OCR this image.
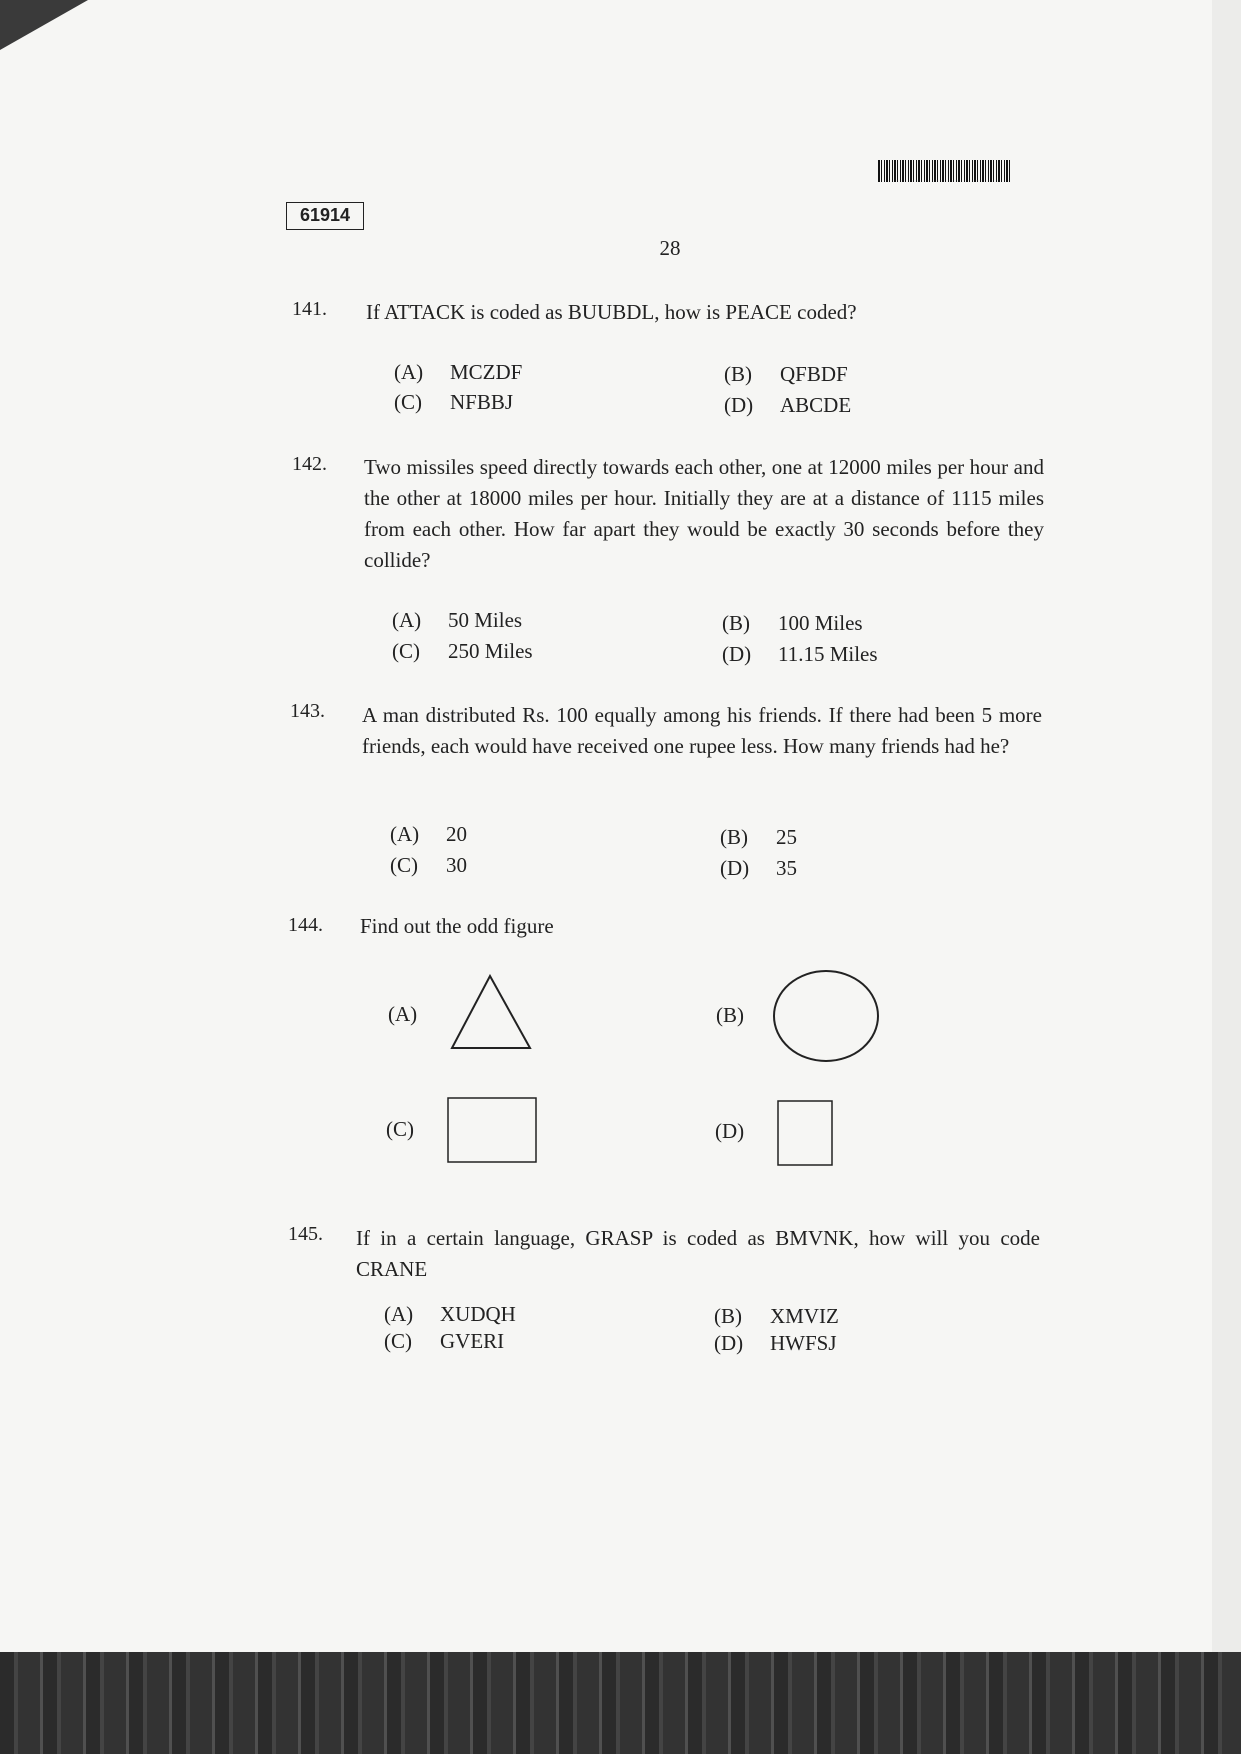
61914
28
141. If ATTACK is coded as BUUBDL, how is PEACE coded?
(A) MCZDF	(B) QFBDF
(C) NFBBJ	(D) ABCDE
142. Two missiles speed directly towards each other, one at 12000 miles per hour and the other at 18000 miles per hour. Initially they are at a distance of 1115 miles from each other. How far apart they would be exactly 30 seconds before they collide?
(A) 50 Miles	(B) 100 Miles
(C) 250 Miles	(D) 11.15 Miles
143. A man distributed Rs. 100 equally among his friends. If there had been 5 more friends, each would have received one rupee less. How many friends had he?
(A) 20	(B) 25
(C) 30	(D) 35
144. Find out the odd figure
(A)	(B)
(C)	(D)
145. If in a certain language, GRASP is coded as BMVNK, how will you code CRANE
(A) XUDQH	(B) XMVIZ
(C) GVERI	(D) HWFSJ
